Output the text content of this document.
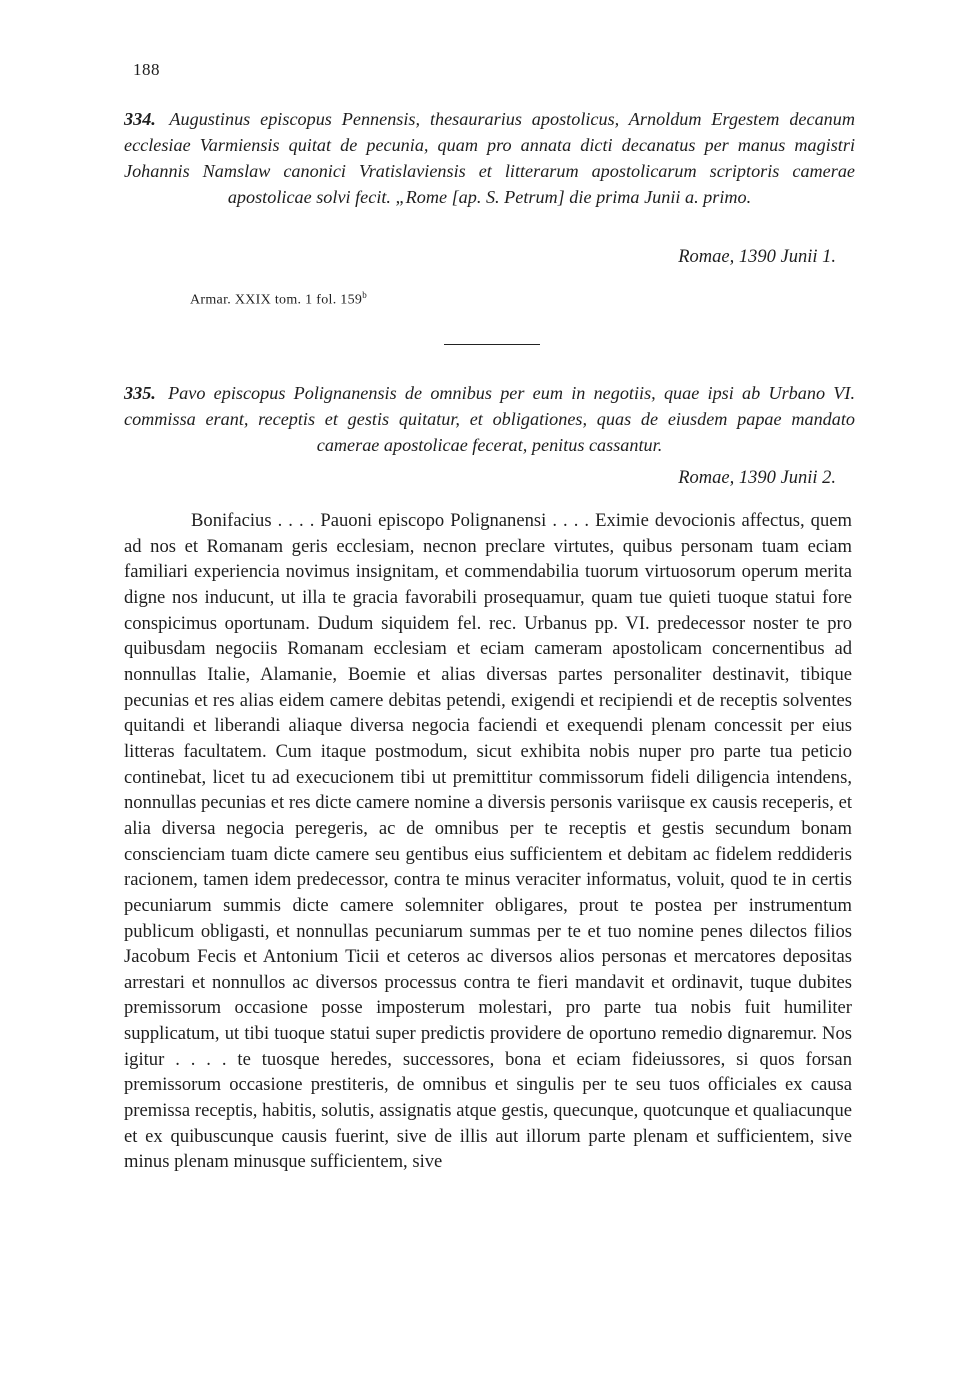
188
334. Augustinus episcopus Pennensis, thesaurarius apostolicus, Arnoldum Ergestem decanum ecclesiae Varmiensis quitat de pecunia, quam pro annata dicti decanatus per manus magistri Johannis Namslaw canonici Vratislaviensis et litterarum apostolicarum scriptoris camerae apostolicae solvi fecit. „Rome [ap. S. Petrum] die prima Junii a. primo.
Romae, 1390 Junii 1.
Armar. XXIX tom. 1 fol. 159$^b$
335. Pavo episcopus Polignanensis de omnibus per eum in negotiis, quae ipsi ab Urbano VI. commissa erant, receptis et gestis quitatur, et obligationes, quas de eiusdem papae mandato camerae apostolicae fecerat, penitus cassantur.
Romae, 1390 Junii 2.
Bonifacius . . . . Pauoni episcopo Polignanensi . . . . Eximie devocionis affectus, quem ad nos et Romanam geris ecclesiam, necnon preclare virtutes, quibus personam tuam eciam familiari experiencia novimus insignitam, et commendabilia tuorum virtuosorum operum merita digne nos inducunt, ut illa te gracia favorabili prosequamur, quam tue quieti tuoque statui fore conspicimus oportunam. Dudum siquidem fel. rec. Urbanus pp. VI. predecessor noster te pro quibusdam negociis Romanam ecclesiam et eciam cameram apostolicam concernentibus ad nonnullas Italie, Alamanie, Boemie et alias diversas partes personaliter destinavit, tibique pecunias et res alias eidem camere debitas petendi, exigendi et recipiendi et de receptis solventes quitandi et liberandi aliaque diversa negocia faciendi et exequendi plenam concessit per eius litteras facultatem. Cum itaque postmodum, sicut exhibita nobis nuper pro parte tua peticio continebat, licet tu ad execucionem tibi ut premittitur commissorum fideli diligencia intendens, nonnullas pecunias et res dicte camere nomine a diversis personis variisque ex causis receperis, et alia diversa negocia peregeris, ac de omnibus per te receptis et gestis secundum bonam conscienciam tuam dicte camere seu gentibus eius sufficientem et debitam ac fidelem reddideris racionem, tamen idem predecessor, contra te minus veraciter informatus, voluit, quod te in certis pecuniarum summis dicte camere solemniter obligares, prout te postea per instrumentum publicum obligasti, et nonnullas pecuniarum summas per te et tuo nomine penes dilectos filios Jacobum Fecis et Antonium Ticii et ceteros ac diversos alios personas et mercatores depositas arrestari et nonnullos ac diversos processus contra te fieri mandavit et ordinavit, tuque dubites premissorum occasione posse imposterum molestari, pro parte tua nobis fuit humiliter supplicatum, ut tibi tuoque statui super predictis providere de oportuno remedio dignaremur. Nos igitur . . . . te tuosque heredes, successores, bona et eciam fideiussores, si quos forsan premissorum occasione prestiteris, de omnibus et singulis per te seu tuos officiales ex causa premissa receptis, habitis, solutis, assignatis atque gestis, quecunque, quotcunque et qualiacunque et ex quibuscunque causis fuerint, sive de illis aut illorum parte plenam et sufficientem, sive minus plenam minusque sufficientem, sive
